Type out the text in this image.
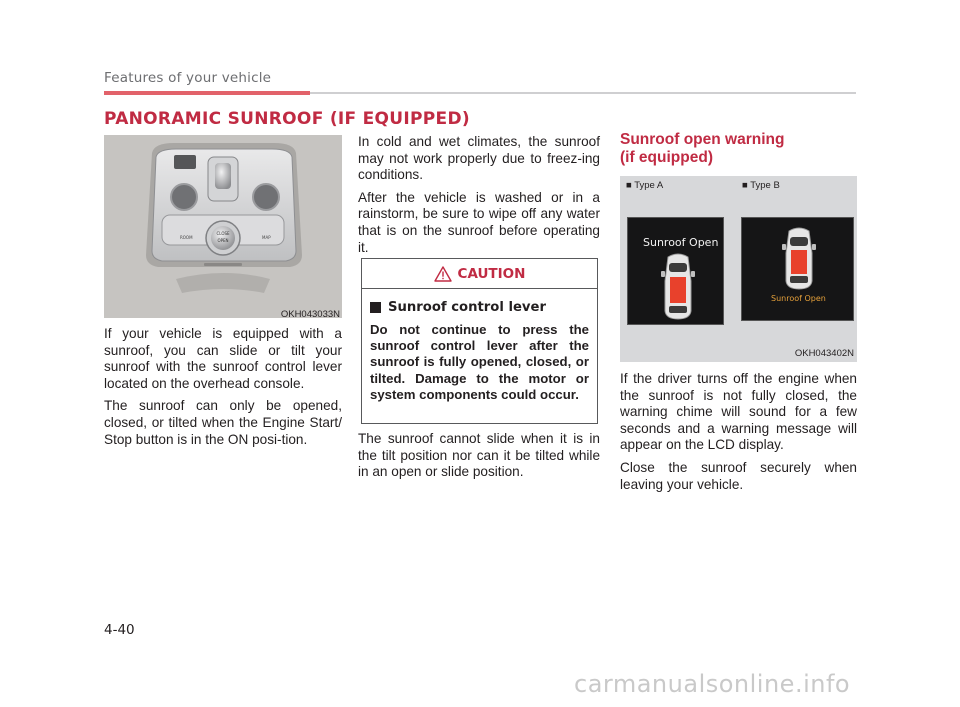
Features of your vehicle
PANORAMIC SUNROOF (IF EQUIPPED)
CLOSE
OPEN
ROOM	MAP
OKH043033N

If your vehicle is equipped with a sunroof, you can slide or tilt your sunroof with the sunroof control lever located on the overhead console.

The sunroof can only be opened, closed, or tilted when the Engine Start/ Stop button is in the ON posi-tion.

In cold and wet climates, the sunroof may not work properly due to freez-ing conditions.

After the vehicle is washed or in a rainstorm, be sure to wipe off any water that is on the sunroof before operating it.

CAUTION
Sunroof control lever
Do not continue to press the sunroof control lever after the sunroof is fully opened, closed, or tilted. Damage to the motor or system components could occur.

The sunroof cannot slide when it is in the tilt position nor can it be tilted while in an open or slide position.

Sunroof open warning
(if equipped)
■ Type A	■ Type B
Sunroof Open
Sunroof Open
OKH043402N

If the driver turns off the engine when the sunroof is not fully closed, the warning chime will sound for a few seconds and a warning message will appear on the LCD display.

Close the sunroof securely when leaving your vehicle.

4-40
carmanualsonline.info
